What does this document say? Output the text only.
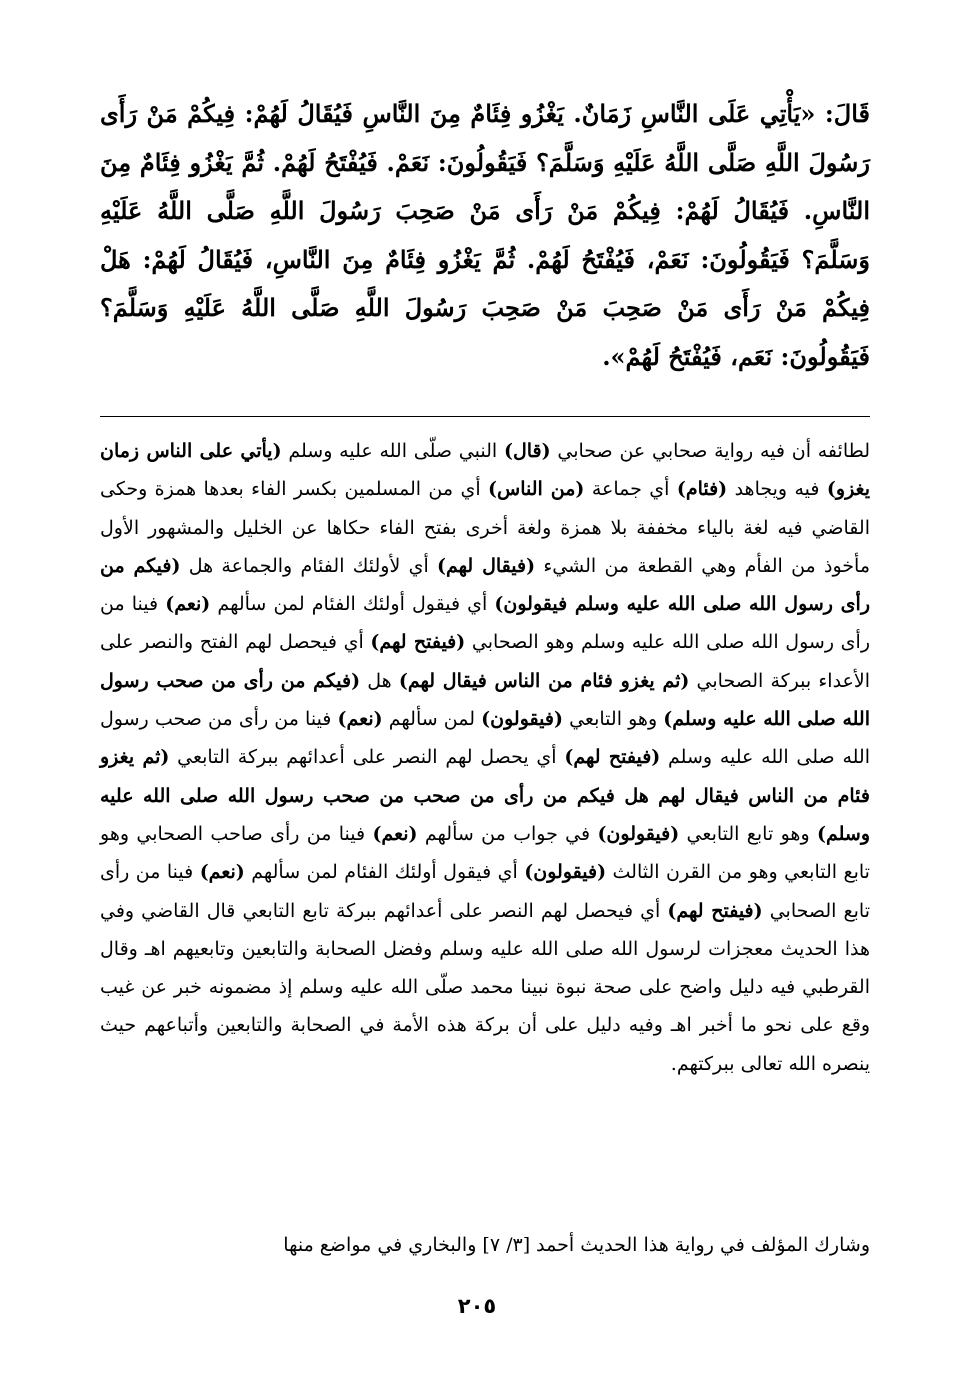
قَالَ: «يَأْتِي عَلَى النَّاسِ زَمَانٌ. يَغْزُو فِئَامٌ مِنَ النَّاسِ فَيُقَالُ لَهُمْ: فِيكُمْ مَنْ رَأَى رَسُولَ اللَّهِ صَلَّى اللَّهُ عَلَيْهِ وَسَلَّمَ؟ فَيَقُولُونَ: نَعَمْ. فَيُفْتَحُ لَهُمْ. ثُمَّ يَغْزُو فِئَامٌ مِنَ النَّاسِ. فَيُقَالُ لَهُمْ: فِيكُمْ مَنْ رَأَى مَنْ صَحِبَ رَسُولَ اللَّهِ صَلَّى اللَّهُ عَلَيْهِ وَسَلَّمَ؟ فَيَقُولُونَ: نَعَمْ، فَيُفْتَحُ لَهُمْ. ثُمَّ يَغْزُو فِئَامٌ مِنَ النَّاسِ، فَيُقَالُ لَهُمْ: هَلْ فِيكُمْ مَنْ رَأَى مَنْ صَحِبَ مَنْ صَحِبَ رَسُولَ اللَّهِ صَلَّى اللَّهُ عَلَيْهِ وَسَلَّمَ؟ فَيَقُولُونَ: نَعَم، فَيُفْتَحُ لَهُمْ».

لطائفه أن فيه رواية صحابي عن صحابي (قال) النبي صلّى الله عليه وسلم (يأتي على الناس زمان يغزو) فيه ويجاهد (فئام) أي جماعة (من الناس) أي من المسلمين بكسر الفاء بعدها همزة وحكى القاضي فيه لغة بالياء مخففة بلا همزة ولغة أخرى بفتح الفاء حكاها عن الخليل والمشهور الأول مأخوذ من الفأم وهي القطعة من الشيء (فيقال لهم) أي لأولئك الفئام والجماعة هل (فيكم من رأى رسول الله صلى الله عليه وسلم فيقولون) أي فيقول أولئك الفئام لمن سألهم (نعم) فينا من رأى رسول الله صلى الله عليه وسلم وهو الصحابي (فيفتح لهم) أي فيحصل لهم الفتح والنصر على الأعداء ببركة الصحابي (ثم يغزو فئام من الناس فيقال لهم) هل (فيكم من رأى من صحب رسول الله صلى الله عليه وسلم) وهو التابعي (فيقولون) لمن سألهم (نعم) فينا من رأى من صحب رسول الله صلى الله عليه وسلم (فيفتح لهم) أي يحصل لهم النصر على أعدائهم ببركة التابعي (ثم يغزو فئام من الناس فيقال لهم هل فيكم من رأى من صحب من صحب رسول الله صلى الله عليه وسلم) وهو تابع التابعي (فيقولون) في جواب من سألهم (نعم) فينا من رأى صاحب الصحابي وهو تابع التابعي وهو من القرن الثالث (فيقولون) أي فيقول أولئك الفئام لمن سألهم (نعم) فينا من رأى تابع الصحابي (فيفتح لهم) أي فيحصل لهم النصر على أعدائهم ببركة تابع التابعي قال القاضي وفي هذا الحديث معجزات لرسول الله صلى الله عليه وسلم وفضل الصحابة والتابعين وتابعيهم اهـ وقال القرطبي فيه دليل واضح على صحة نبوة نبينا محمد صلّى الله عليه وسلم إذ مضمونه خبر عن غيب وقع على نحو ما أخبر اهـ وفيه دليل على أن بركة هذه الأمة في الصحابة والتابعين وأتباعهم حيث ينصره الله تعالى ببركتهم.

وشارك المؤلف في رواية هذا الحديث أحمد [٣/ ٧] والبخاري في مواضع منها

٢٠٥
